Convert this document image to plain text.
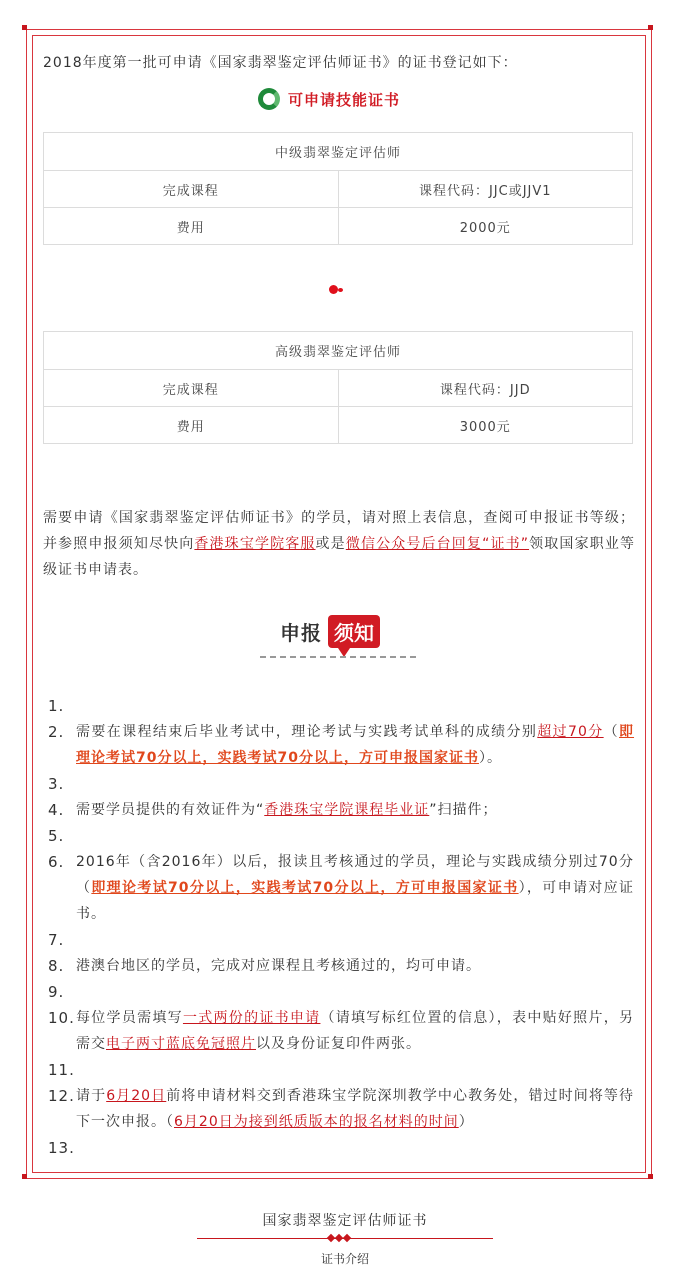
2018年度第一批可申请《国家翡翠鉴定评估师证书》的证书登记如下：
可申请技能证书
中级翡翠鉴定评估师	
完成课程	课程代码：JJC或JJV1
费用	2000元
高级翡翠鉴定评估师	
完成课程	课程代码：JJD
费用	3000元
需要申请《国家翡翠鉴定评估师证书》的学员，请对照上表信息，查阅可申报证书等级；并参照申报须知尽快向香港珠宝学院客服或是微信公众号后台回复“证书”领取国家职业等级证书申请表。
申报 须知
1.
2. 需要在课程结束后毕业考试中，理论考试与实践考试单科的成绩分别超过70分（即理论考试70分以上，实践考试70分以上，方可申报国家证书）。
3.
4. 需要学员提供的有效证件为“香港珠宝学院课程毕业证”扫描件；
5.
6. 2016年（含2016年）以后，报读且考核通过的学员，理论与实践成绩分别过70分（即理论考试70分以上，实践考试70分以上，方可申报国家证书），可申请对应证书。
7.
8. 港澳台地区的学员，完成对应课程且考核通过的，均可申请。
9.
10. 每位学员需填写一式两份的证书申请（请填写标红位置的信息），表中贴好照片，另需交电子两寸蓝底免冠照片以及身份证复印件两张。
11.
12. 请于6月20日前将申请材料交到香港珠宝学院深圳教学中心教务处，错过时间将等待下一次申报。（6月20日为接到纸质版本的报名材料的时间）
13.
国家翡翠鉴定评估师证书
证书介绍
